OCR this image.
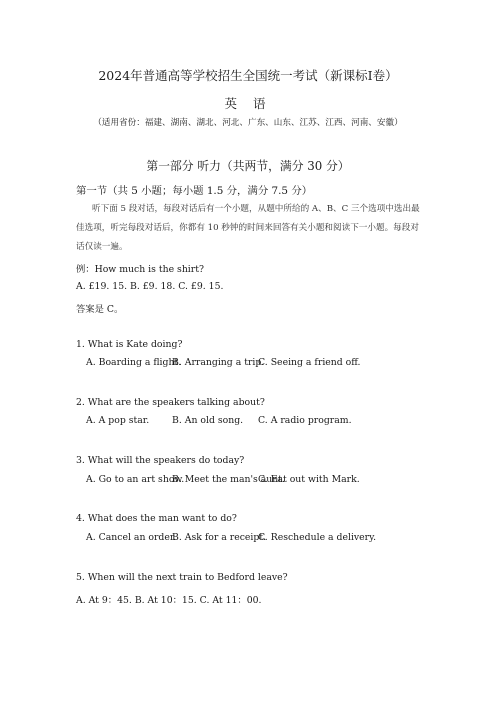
2024年普通高等学校招生全国统一考试（新课标Ⅰ卷）
英 语
（适用省份：福建、湖南、湖北、河北、广东、山东、江苏、江西、河南、安徽）
第一部分 听力（共两节，满分 30 分）
第一节（共 5 小题；每小题 1.5 分，满分 7.5 分）
听下面 5 段对话，每段对话后有一个小题，从题中所给的 A、B、C 三个选项中选出最佳选项，听完每段对话后，你都有 10 秒钟的时间来回答有关小题和阅读下一小题。每段对话仅读一遍。
例：How much is the shirt?
A. £19. 15. B. £9. 18. C. £9. 15.
答案是 C。
1. What is Kate doing?
A. Boarding a flight.
B. Arranging a trip.
C. Seeing a friend off.
2. What are the speakers talking about?
A. A pop star. B. An old song. C. A radio program.
3. What will the speakers do today?
A. Go to an art show.
B. Meet the man's aunt.
C. Eat out with Mark.
4. What does the man want to do?
A. Cancel an order.
B. Ask for a receipt.
C. Reschedule a delivery.
5. When will the next train to Bedford leave?
A. At 9：45. B. At 10：15. C. At 11：00.
